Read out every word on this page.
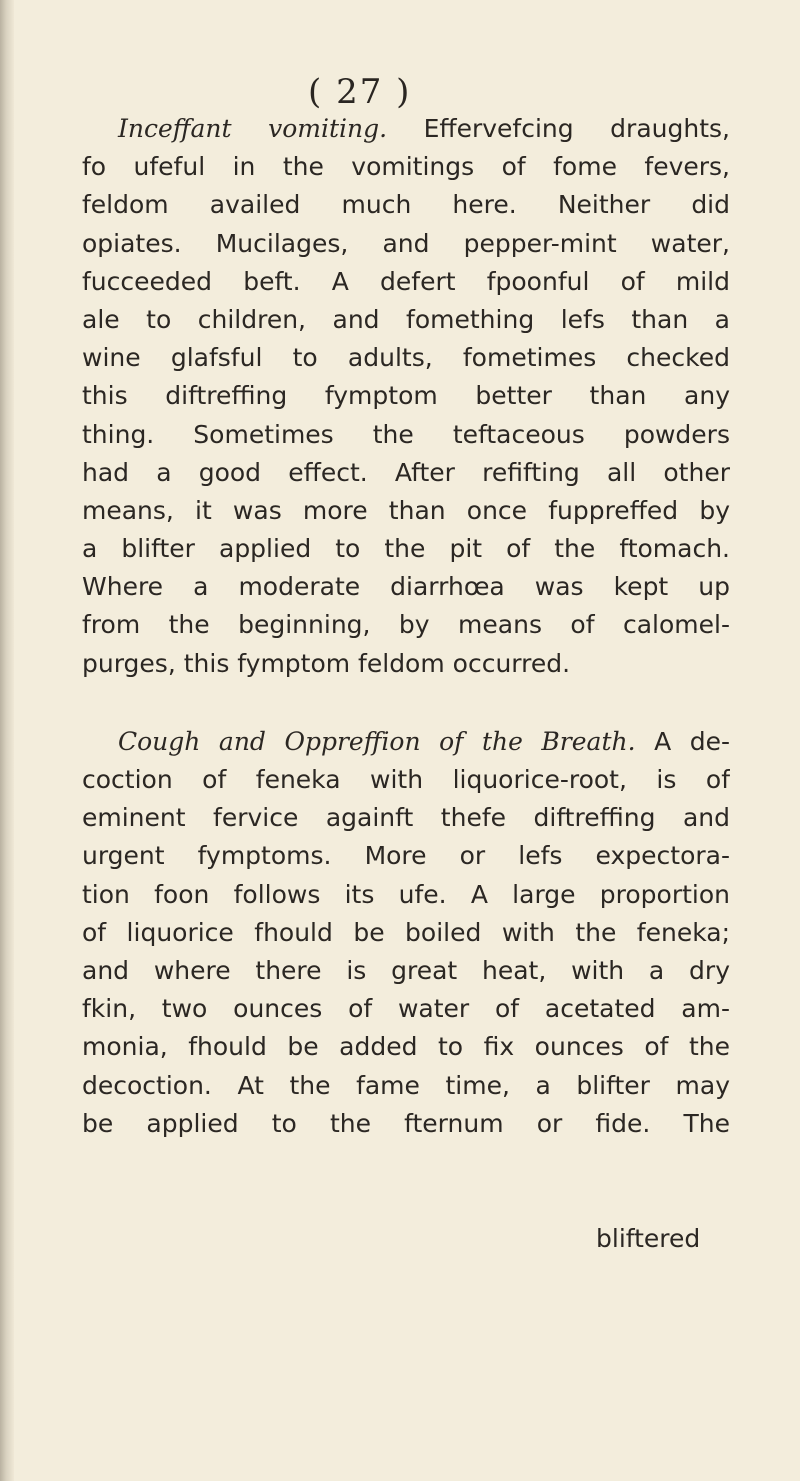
( 27 )
Inceffant vomiting. Effervefcing draughts,
fo ufeful in the vomitings of fome fevers,
feldom availed much here. Neither did
opiates. Mucilages, and pepper-mint water,
fucceeded beft. A defert fpoonful of mild
ale to children, and fomething lefs than a
wine glafsful to adults, fometimes checked
this diftreffing fymptom better than any
thing. Sometimes the teftaceous powders
had a good effect. After refifting all other
means, it was more than once fuppreffed by
a blifter applied to the pit of the ftomach.
Where a moderate diarrhœa was kept up
from the beginning, by means of calomel-
purges, this fymptom feldom occurred.
Cough and Oppreffion of the Breath. A de-
coction of feneka with liquorice-root, is of
eminent fervice againft thefe diftreffing and
urgent fymptoms. More or lefs expectora-
tion foon follows its ufe. A large proportion
of liquorice fhould be boiled with the feneka;
and where there is great heat, with a dry
fkin, two ounces of water of acetated am-
monia, fhould be added to fix ounces of the
decoction. At the fame time, a blifter may
be applied to the fternum or fide. The
bliftered
